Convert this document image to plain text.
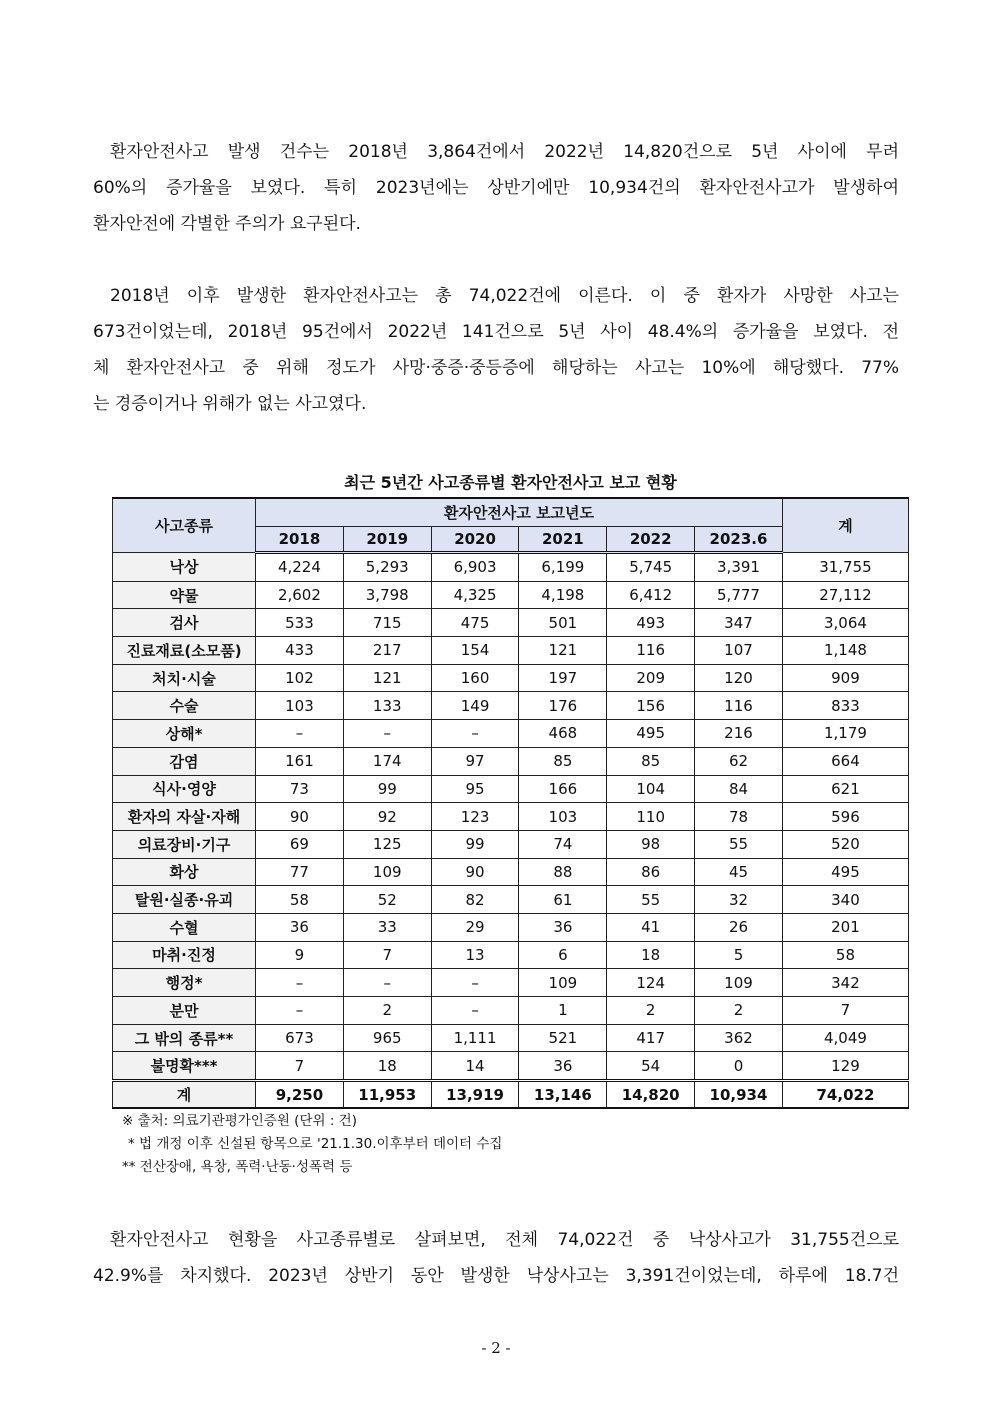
환자안전사고 발생 건수는 2018년 3,864건에서 2022년 14,820건으로 5년 사이에 무려
60%의 증가율을 보였다. 특히 2023년에는 상반기에만 10,934건의 환자안전사고가 발생하여
환자안전에 각별한 주의가 요구된다.
2018년 이후 발생한 환자안전사고는 총 74,022건에 이른다. 이 중 환자가 사망한 사고는
673건이었는데, 2018년 95건에서 2022년 141건으로 5년 사이 48.4%의 증가율을 보였다. 전
체 환자안전사고 중 위해 정도가 사망·중증·중등증에 해당하는 사고는 10%에 해당했다. 77%
는 경증이거나 위해가 없는 사고였다.
최근 5년간 사고종류별 환자안전사고 보고 현황
사고종류	환자안전사고 보고년도						계
	2018	2019	2020	2021	2022	2023.6	
낙상	4,224	5,293	6,903	6,199	5,745	3,391	31,755
약물	2,602	3,798	4,325	4,198	6,412	5,777	27,112
검사	533	715	475	501	493	347	3,064
진료재료(소모품)	433	217	154	121	116	107	1,148
처치·시술	102	121	160	197	209	120	909
수술	103	133	149	176	156	116	833
상해*	–	–	–	468	495	216	1,179
감염	161	174	97	85	85	62	664
식사·영양	73	99	95	166	104	84	621
환자의 자살·자해	90	92	123	103	110	78	596
의료장비·기구	69	125	99	74	98	55	520
화상	77	109	90	88	86	45	495
탈원·실종·유괴	58	52	82	61	55	32	340
수혈	36	33	29	36	41	26	201
마취·진정	9	7	13	6	18	5	58
행정*	–	–	–	109	124	109	342
분만	–	2	–	1	2	2	7
그 밖의 종류**	673	965	1,111	521	417	362	4,049
불명확***	7	18	14	36	54	0	129
계	9,250	11,953	13,919	13,146	14,820	10,934	74,022
※ 출처: 의료기관평가인증원 (단위 : 건)
* 법 개정 이후 신설된 항목으로 '21.1.30.이후부터 데이터 수집
** 전산장애, 욕창, 폭력·난동·성폭력 등
환자안전사고 현황을 사고종류별로 살펴보면, 전체 74,022건 중 낙상사고가 31,755건으로
42.9%를 차지했다. 2023년 상반기 동안 발생한 낙상사고는 3,391건이었는데, 하루에 18.7건
- 2 -
